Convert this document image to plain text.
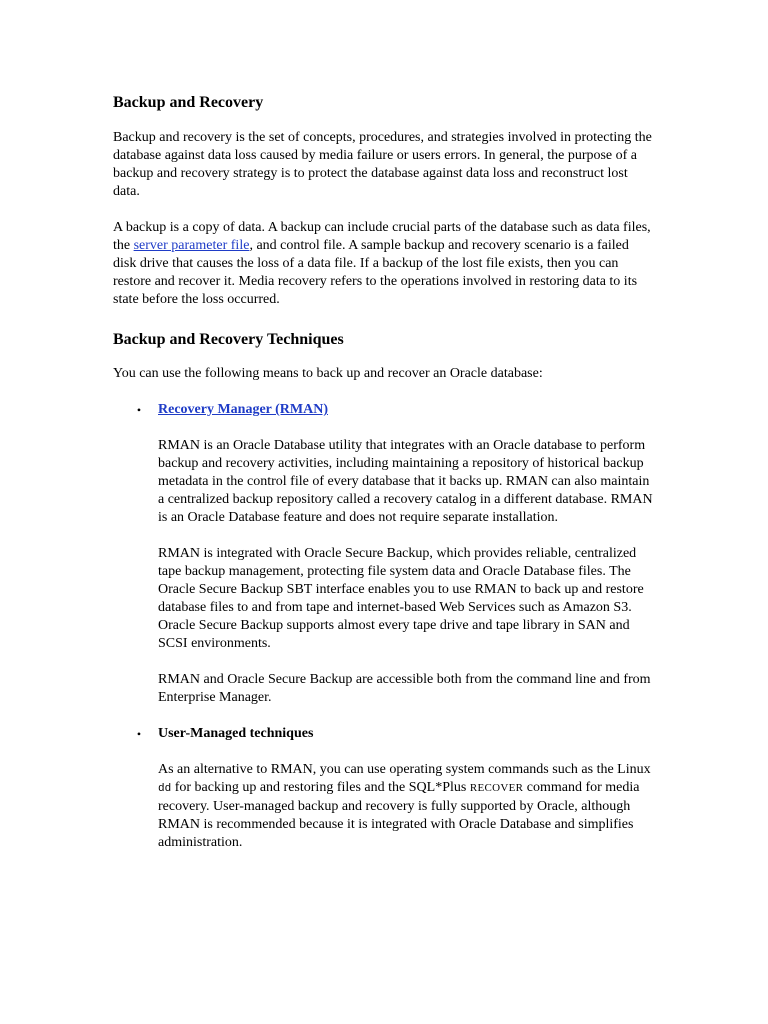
Backup and Recovery

Backup and recovery is the set of concepts, procedures, and strategies involved in protecting the database against data loss caused by media failure or users errors. In general, the purpose of a backup and recovery strategy is to protect the database against data loss and reconstruct lost data.

A backup is a copy of data. A backup can include crucial parts of the database such as data files, the server parameter file, and control file. A sample backup and recovery scenario is a failed disk drive that causes the loss of a data file. If a backup of the lost file exists, then you can restore and recover it. Media recovery refers to the operations involved in restoring data to its state before the loss occurred.

Backup and Recovery Techniques

You can use the following means to back up and recover an Oracle database:

• Recovery Manager (RMAN)

RMAN is an Oracle Database utility that integrates with an Oracle database to perform backup and recovery activities, including maintaining a repository of historical backup metadata in the control file of every database that it backs up. RMAN can also maintain a centralized backup repository called a recovery catalog in a different database. RMAN is an Oracle Database feature and does not require separate installation.

RMAN is integrated with Oracle Secure Backup, which provides reliable, centralized tape backup management, protecting file system data and Oracle Database files. The Oracle Secure Backup SBT interface enables you to use RMAN to back up and restore database files to and from tape and internet-based Web Services such as Amazon S3. Oracle Secure Backup supports almost every tape drive and tape library in SAN and SCSI environments.

RMAN and Oracle Secure Backup are accessible both from the command line and from Enterprise Manager.

• User-Managed techniques

As an alternative to RMAN, you can use operating system commands such as the Linux dd for backing up and restoring files and the SQL*Plus RECOVER command for media recovery. User-managed backup and recovery is fully supported by Oracle, although RMAN is recommended because it is integrated with Oracle Database and simplifies administration.
